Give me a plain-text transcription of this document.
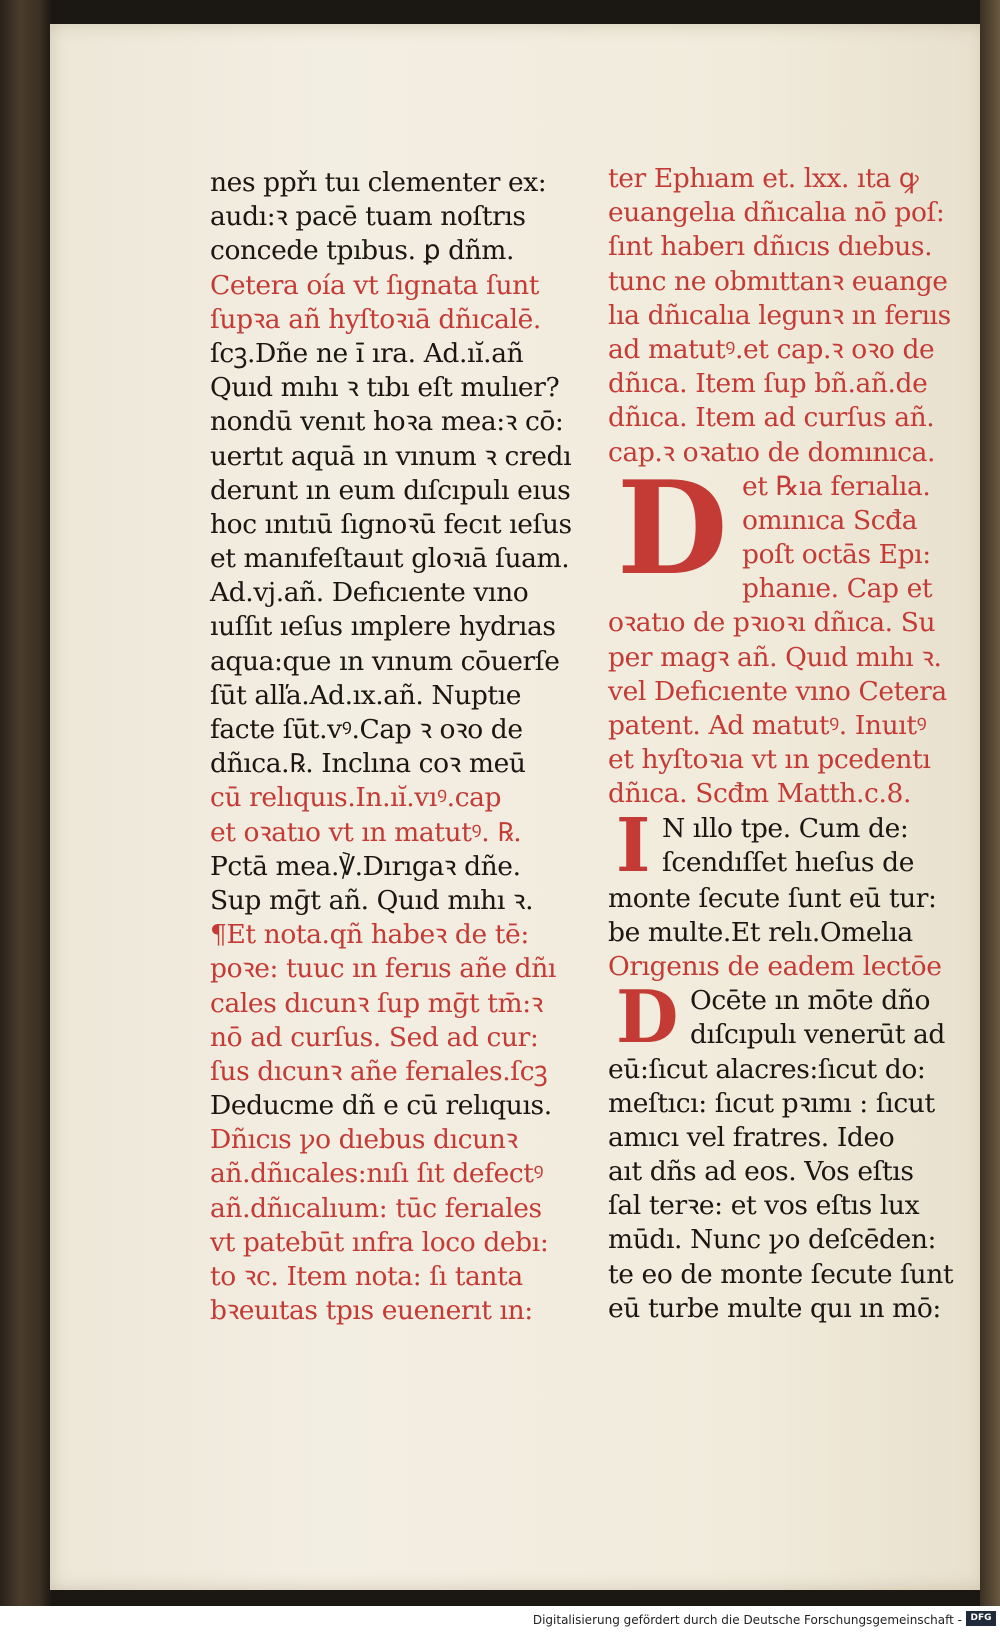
nes ppřı tuı clementer ex:
audı:ꝛ pacē tuam noſtrıs
concede tpıbus. ꝑ dñm.
Cetera oı́a vt ſıgnata ſunt
ſupꝛa añ hyſtoꝛıā dñıcalē.
ſcꝫ.Dñe ne ı̄ ıra. Ad.ıı̆.añ
Quıd mıhı ꝛ tıbı eſt mulıer?
nondū venıt hoꝛa mea:ꝛ cō:
uertıt aquā ın vınum ꝛ credı
derunt ın eum dıſcıpulı eıus
hoc ınıtıū ſıgnoꝛū fecıt ıeſus
et manıfeſtauıt gloꝛıā ſuam.
Ad.vj.añ. Defıcıente vıno
ıuſſıt ıeſus ımplere hydrıas
aqua:que ın vınum cōuerſe
ſūt alľa.Ad.ıx.añ. Nuptıe
facte ſūt.vꝰ.Cap ꝛ oꝛo de
dñıca.℞. Inclına coꝛ meū
cū relıquıs.In.ıı̆.vıꝰ.cap
et oꝛatıo vt ın matutꝰ. ℞.
Pctā mea.℣.Dırıgaꝛ dñe.
Sup mḡt añ. Quıd mıhı ꝛ.
¶Et nota.qñ habeꝛ de tē:
poꝛe: tuuc ın ferııs añe dñı
cales dıcunꝛ ſup mḡt tm̄:ꝛ
nō ad curſus. Sed ad cur:
ſus dıcunꝛ añe ferıales.ſcꝫ
Deducme dñ e cū relıquıs.
Dñıcıs ꝩo dıebus dıcunꝛ
añ.dñıcales:nıſı ſıt defectꝰ
añ.dñıcalıum: tūc ferıales
vt patebūt ınfra loco debı:
to ꝛc. Item nota: ſı tanta
bꝛeuıtas tpıs euenerıt ın:
ter Ephıam et. lxx. ıta ꝙ
euangelıa dñıcalıa nō poſ:
ſınt haberı dñıcıs dıebus.
tunc ne obmıttanꝛ euange
lıa dñıcalıa legunꝛ ın ferııs
ad matutꝰ.et cap.ꝛ oꝛo de
dñıca. Item ſup bñ.añ.de
dñıca. Item ad curſus añ.
cap.ꝛ oꝛatıo de domınıca.
D et ℞ıa ferıalıa.
omınıca Scđa
poſt octās Epı:
phanıe. Cap et
oꝛatıo de pꝛıoꝛı dñıca. Su
per magꝛ añ. Quıd mıhı ꝛ.
vel Defıcıente vıno Cetera
patent. Ad matutꝰ. Inuıtꝰ
et hyſtoꝛıa vt ın pcedentı
dñıca. Scđm Matth.c.8.
I N ıllo tpe. Cum de:
ſcendıſſet hıeſus de
monte ſecute ſunt eū tur:
be multe.Et relı.Omelıa
Orıgenıs de eadem lectōe
D Ocēte ın mōte dño
dıſcıpulı venerūt ad
eū:ſıcut alacres:ſıcut do:
meſtıcı: ſıcut pꝛımı : ſıcut
amıcı vel fratres. Ideo
aıt dñs ad eos. Vos eſtıs
ſal terꝛe: et vos eſtıs lux
mūdı. Nunc ꝩo deſcēden:
te eo de monte ſecute ſunt
eū turbe multe quı ın mō:
Digitalisierung gefördert durch die Deutsche Forschungsgemeinschaft - DFG
